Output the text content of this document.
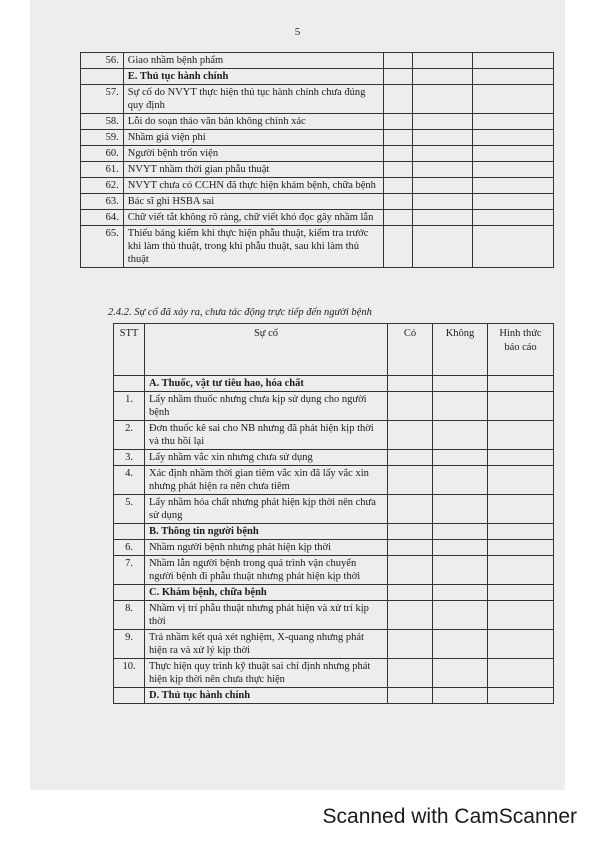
5
56.	Giao nhầm bệnh phẩm			
	E. Thủ tục hành chính			
57.	Sự cố do NVYT thực hiện thủ tục hành chính chưa đúng quy định			
58.	Lỗi do soạn thảo văn bản không chính xác			
59.	Nhầm giá viện phí			
60.	Người bệnh trốn viện			
61.	NVYT nhầm thời gian phẫu thuật			
62.	NVYT chưa có CCHN đã thực hiện khám bệnh, chữa bệnh			
63.	Bác sĩ ghi HSBA sai			
64.	Chữ viết tắt không rõ ràng, chữ viết khó đọc gây nhầm lẫn			
65.	Thiếu bảng kiểm khi thực hiện phẫu thuật, kiểm tra trước khi làm thủ thuật, trong khi phẫu thuật, sau khi làm thủ thuật			
2.4.2. Sự cố đã xảy ra, chưa tác động trực tiếp đến người bệnh
STT	Sự cố	Có	Không	Hình thức báo cáo
	A. Thuốc, vật tư tiêu hao, hóa chất			
1.	Lấy nhầm thuốc nhưng chưa kịp sử dụng cho người bệnh			
2.	Đơn thuốc kê sai cho NB nhưng đã phát hiện kịp thời và thu hồi lại			
3.	Lấy nhầm vắc xin nhưng chưa sử dụng			
4.	Xác định nhầm thời gian tiêm vắc xin đã lấy vắc xin nhưng phát hiện ra nên chưa tiêm			
5.	Lấy nhầm hóa chất nhưng phát hiện kịp thời nên chưa sử dụng			
	B. Thông tin người bệnh			
6.	Nhầm người bệnh nhưng phát hiện kịp thời			
7.	Nhầm lẫn người bệnh trong quá trình vận chuyển người bệnh đi phẫu thuật nhưng phát hiện kịp thời			
	C. Khám bệnh, chữa bệnh			
8.	Nhầm vị trí phẫu thuật nhưng phát hiện và xử trí kịp thời			
9.	Trả nhầm kết quả xét nghiệm, X-quang nhưng phát hiện ra và xử lý kịp thời			
10.	Thực hiện quy trình kỹ thuật sai chỉ định nhưng phát hiện kịp thời nên chưa thực hiện			
	D. Thủ tục hành chính			
Scanned with CamScanner
